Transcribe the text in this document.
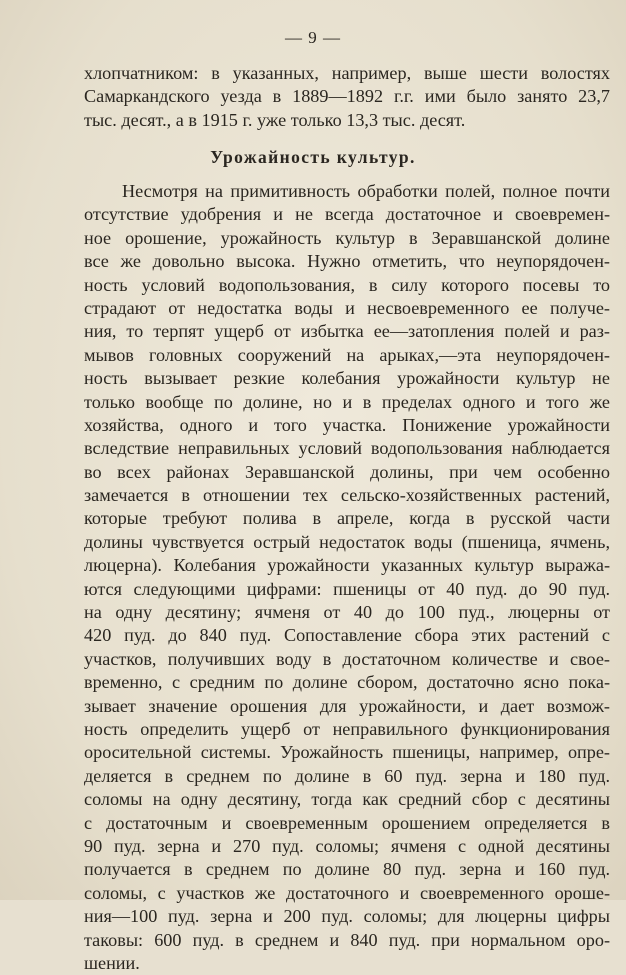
— 9 —
хлопчатником: в указанных, например, выше шести волостях
Самаркандского уезда в 1889—1892 г.г. ими было занято 23,7
тыс. десят., а в 1915 г. уже только 13,3 тыс. десят.
Урожайность культур.
Несмотря на примитивность обработки полей, полное почти
отсутствие удобрения и не всегда достаточное и своевремен-
ное орошение, урожайность культур в Зеравшанской долине
все же довольно высока. Нужно отметить, что неупорядочен-
ность условий водопользования, в силу которого посевы то
страдают от недостатка воды и несвоевременного ее получе-
ния, то терпят ущерб от избытка ее—затопления полей и раз-
мывов головных сооружений на арыках,—эта неупорядочен-
ность вызывает резкие колебания урожайности культур не
только вообще по долине, но и в пределах одного и того же
хозяйства, одного и того участка. Понижение урожайности
вследствие неправильных условий водопользования наблюдается
во всех районах Зеравшанской долины, при чем особенно
замечается в отношении тех сельско-хозяйственных растений,
которые требуют полива в апреле, когда в русской части
долины чувствуется острый недостаток воды (пшеница, ячмень,
люцерна). Колебания урожайности указанных культур выража-
ются следующими цифрами: пшеницы от 40 пуд. до 90 пуд.
на одну десятину; ячменя от 40 до 100 пуд., люцерны от
420 пуд. до 840 пуд. Сопоставление сбора этих растений с
участков, получивших воду в достаточном количестве и свое-
временно, с средним по долине сбором, достаточно ясно пока-
зывает значение орошения для урожайности, и дает возмож-
ность определить ущерб от неправильного функционирования
оросительной системы. Урожайность пшеницы, например, опре-
деляется в среднем по долине в 60 пуд. зерна и 180 пуд.
соломы на одну десятину, тогда как средний сбор с десятины
с достаточным и своевременным орошением определяется в
90 пуд. зерна и 270 пуд. соломы; ячменя с одной десятины
получается в среднем по долине 80 пуд. зерна и 160 пуд.
соломы, с участков же достаточного и своевременного ороше-
ния—100 пуд. зерна и 200 пуд. соломы; для люцерны цифры
таковы: 600 пуд. в среднем и 840 пуд. при нормальном оро-
шении.
